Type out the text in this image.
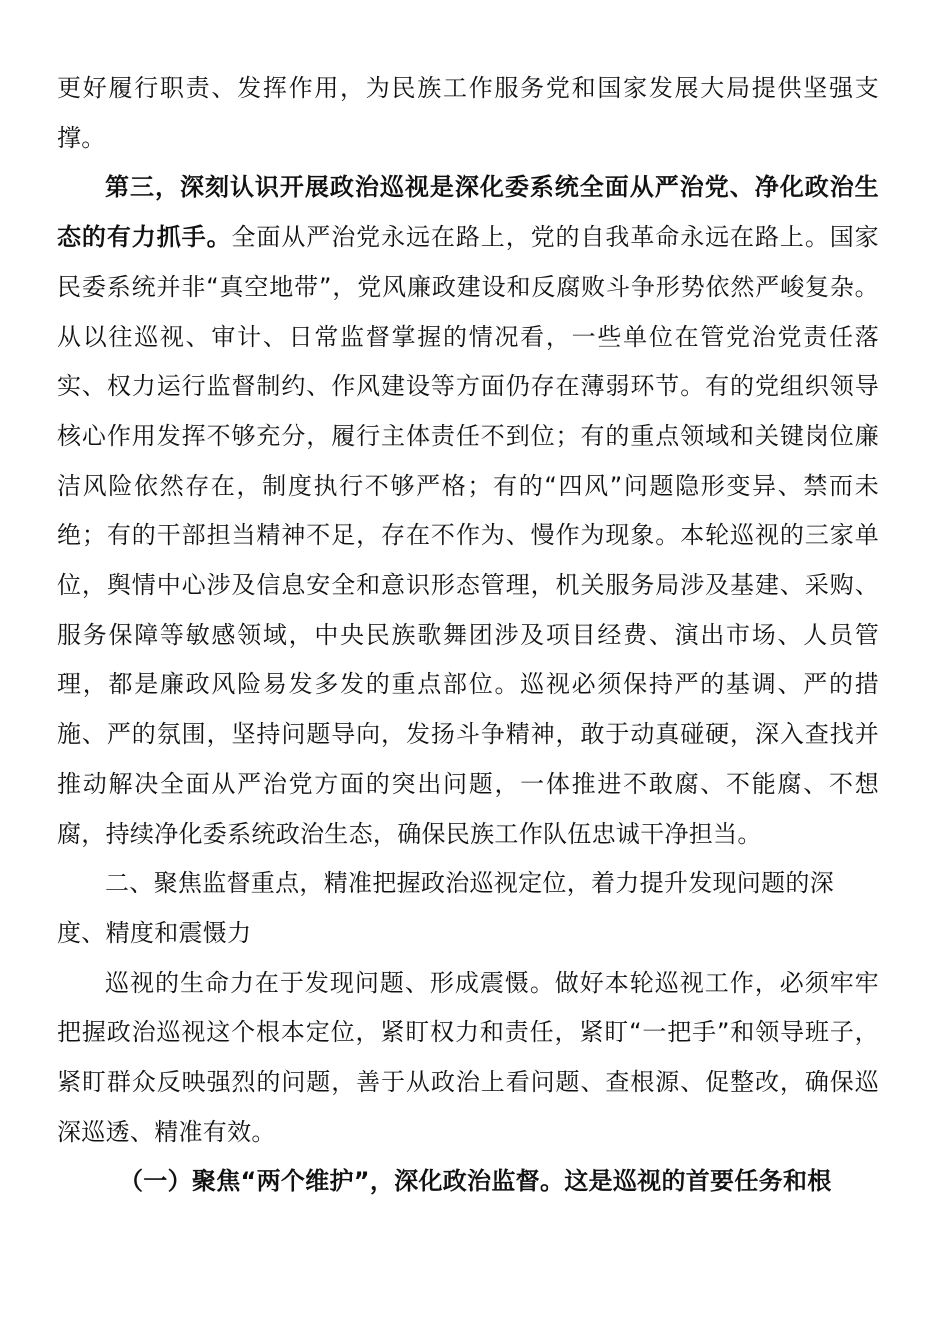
更好履行职责、发挥作用，为民族工作服务党和国家发展大局提供坚强支撑。

第三，深刻认识开展政治巡视是深化委系统全面从严治党、净化政治生态的有力抓手。全面从严治党永远在路上，党的自我革命永远在路上。国家民委系统并非“真空地带”，党风廉政建设和反腐败斗争形势依然严峻复杂。从以往巡视、审计、日常监督掌握的情况看，一些单位在管党治党责任落实、权力运行监督制约、作风建设等方面仍存在薄弱环节。有的党组织领导核心作用发挥不够充分，履行主体责任不到位；有的重点领域和关键岗位廉洁风险依然存在，制度执行不够严格；有的“四风”问题隐形变异、禁而未绝；有的干部担当精神不足，存在不作为、慢作为现象。本轮巡视的三家单位，舆情中心涉及信息安全和意识形态管理，机关服务局涉及基建、采购、服务保障等敏感领域，中央民族歌舞团涉及项目经费、演出市场、人员管理，都是廉政风险易发多发的重点部位。巡视必须保持严的基调、严的措施、严的氛围，坚持问题导向，发扬斗争精神，敢于动真碰硬，深入查找并推动解决全面从严治党方面的突出问题，一体推进不敢腐、不能腐、不想腐，持续净化委系统政治生态，确保民族工作队伍忠诚干净担当。

二、聚焦监督重点，精准把握政治巡视定位，着力提升发现问题的深度、精度和震慑力

巡视的生命力在于发现问题、形成震慑。做好本轮巡视工作，必须牢牢把握政治巡视这个根本定位，紧盯权力和责任，紧盯“一把手”和领导班子，紧盯群众反映强烈的问题，善于从政治上看问题、查根源、促整改，确保巡深巡透、精准有效。

（一）聚焦“两个维护”，深化政治监督。这是巡视的首要任务和根
